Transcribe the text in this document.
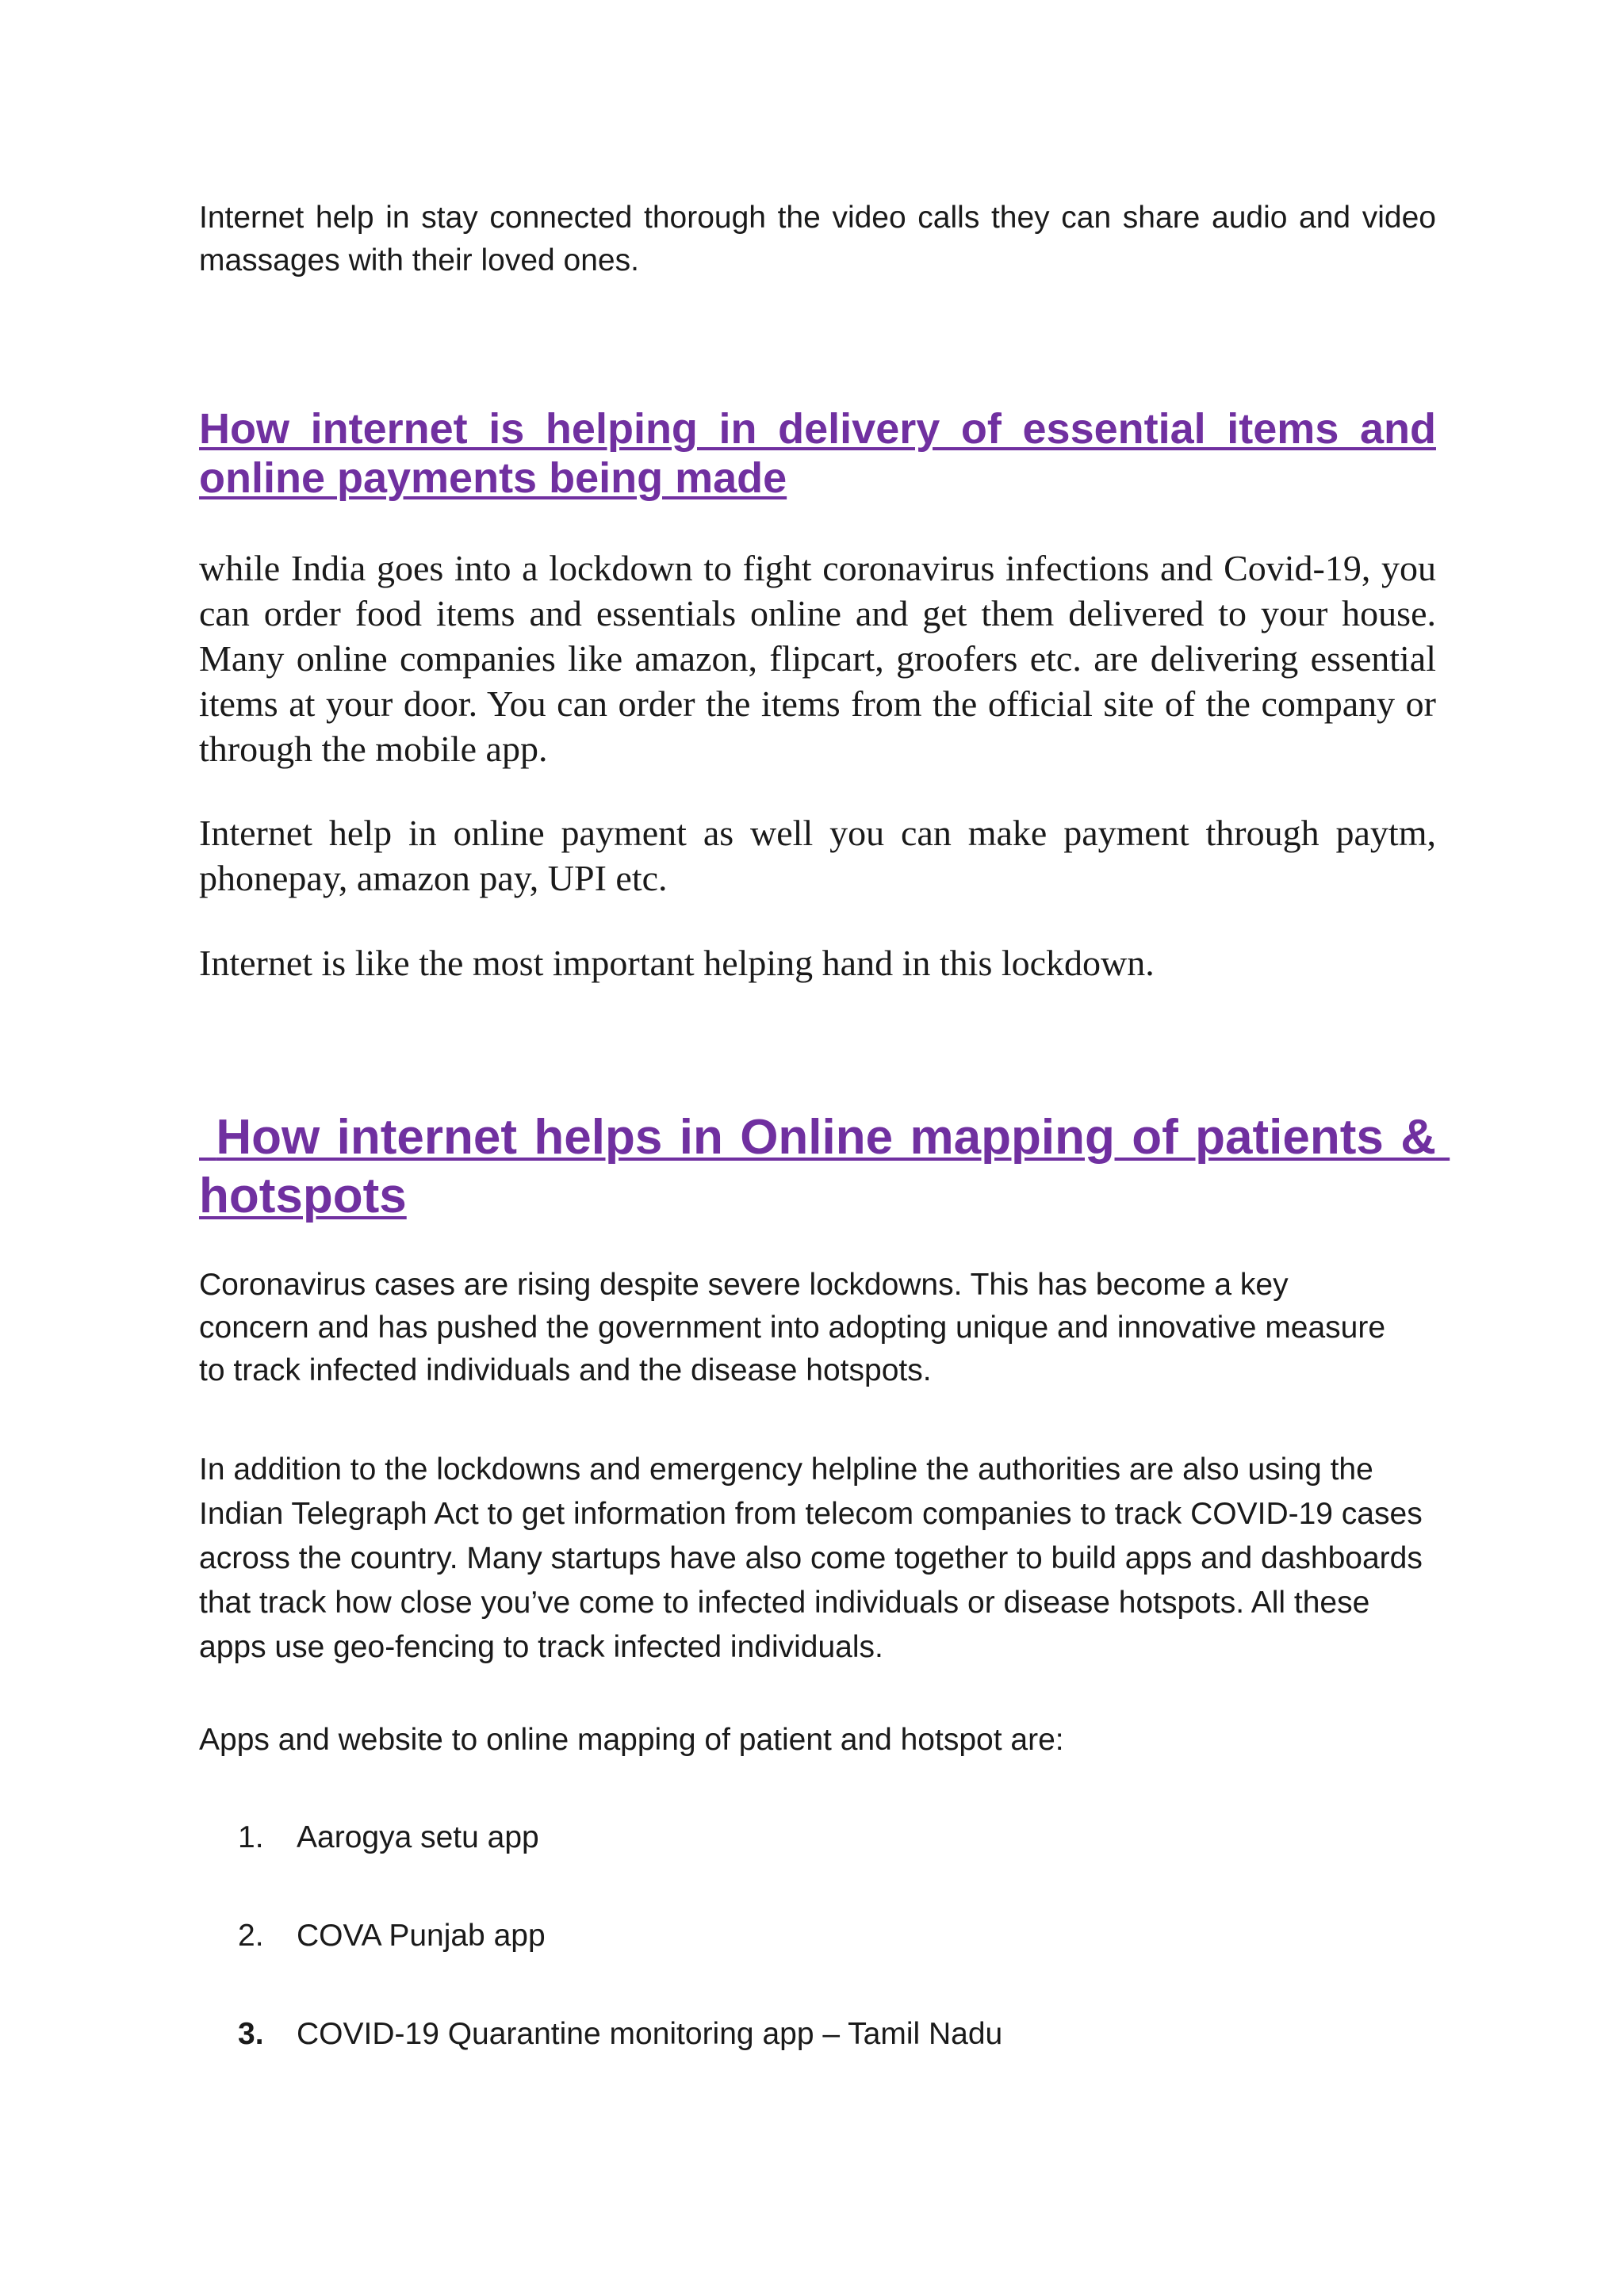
Internet help in stay connected thorough the video calls they can share audio and video massages with their loved ones.

How internet is helping in delivery of essential items and online payments being made

while India goes into a lockdown to fight coronavirus infections and Covid-19, you can order food items and essentials online and get them delivered to your house. Many online companies like amazon, flipcart, groofers etc. are delivering essential items at your door. You can order the items from the official site of the company or through the mobile app.

Internet help in online payment as well you can make payment through paytm, phonepay, amazon pay, UPI etc.

Internet is like the most important helping hand in this lockdown.

How internet helps in Online mapping of patients & hotspots

Coronavirus cases are rising despite severe lockdowns. This has become a key concern and has pushed the government into adopting unique and innovative measure to track infected individuals and the disease hotspots.

In addition to the lockdowns and emergency helpline the authorities are also using the Indian Telegraph Act to get information from telecom companies to track COVID-19 cases across the country. Many startups have also come together to build apps and dashboards that track how close you’ve come to infected individuals or disease hotspots. All these apps use geo-fencing to track infected individuals.

Apps and website to online mapping of patient and hotspot are:

1. Aarogya setu app
2. COVA Punjab app
3. COVID-19 Quarantine monitoring app – Tamil Nadu
